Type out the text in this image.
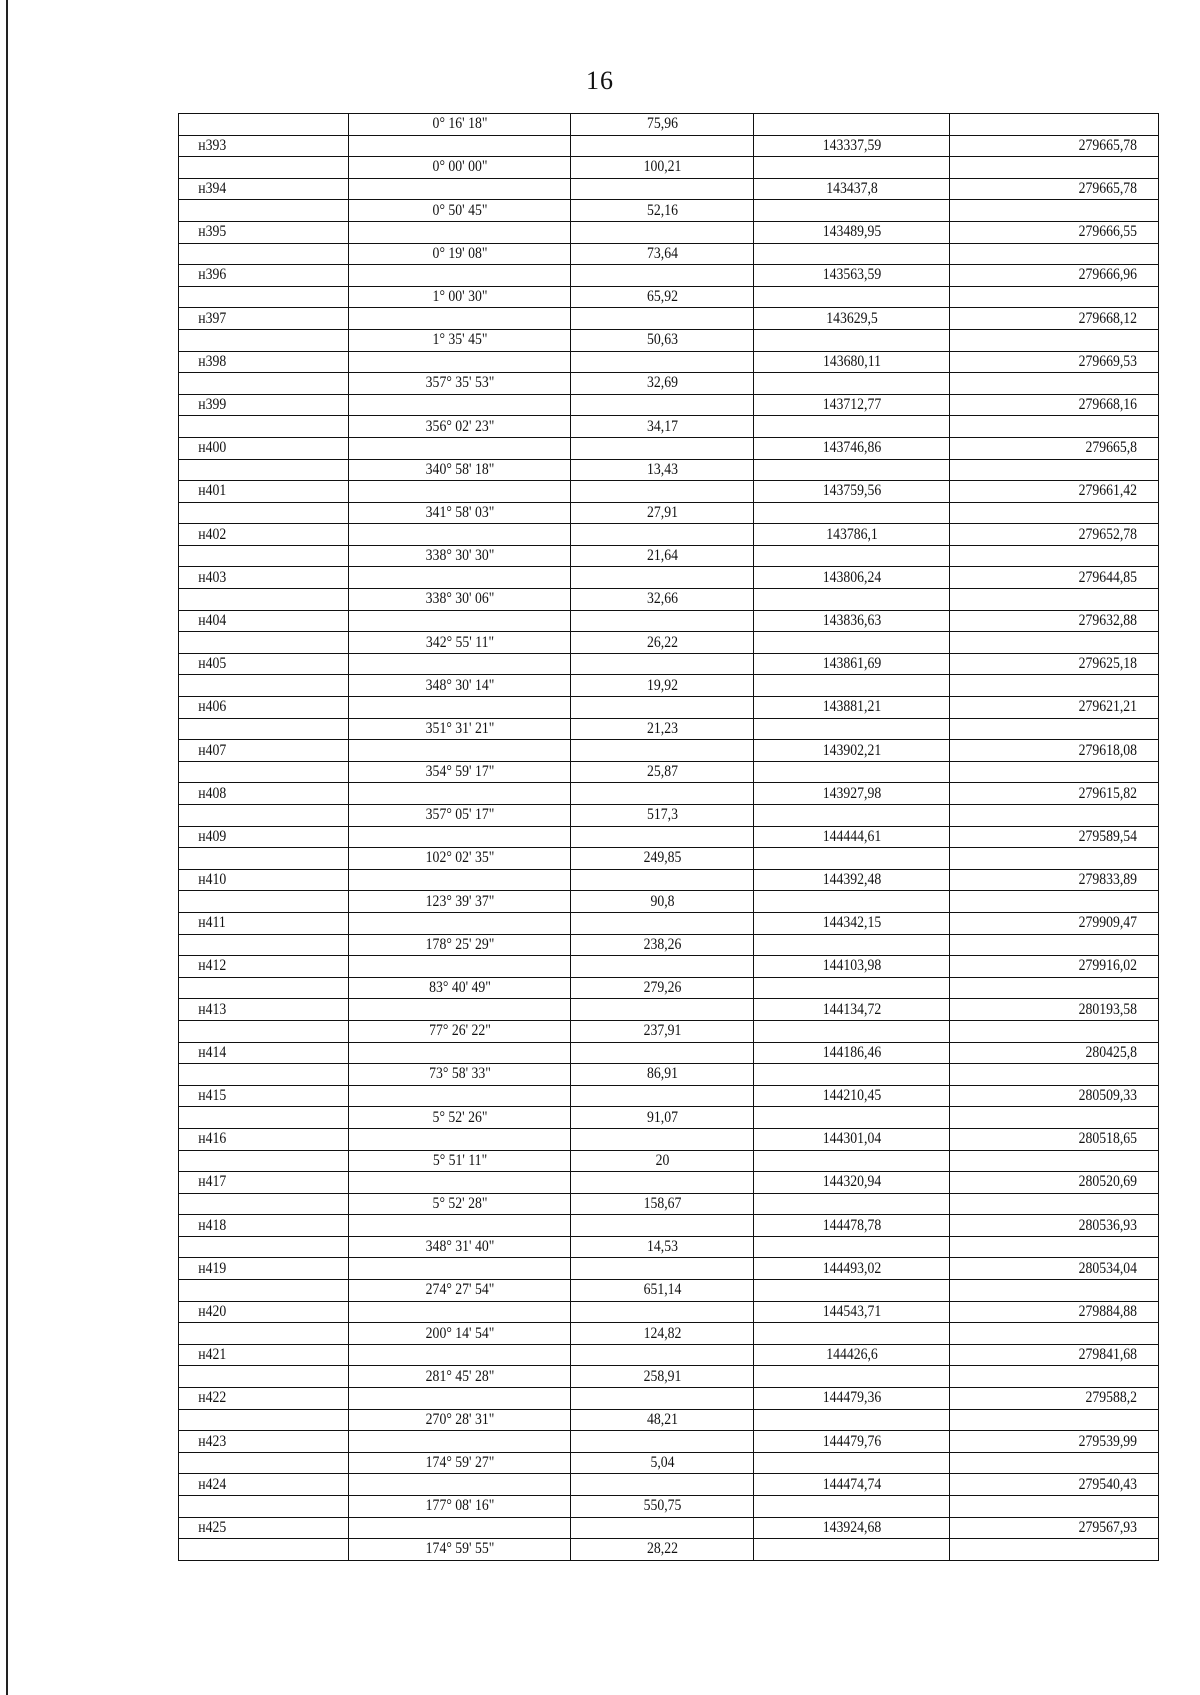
16
	0° 16' 18"	75,96		
н393			143337,59	279665,78
	0° 00' 00"	100,21		
н394			143437,8	279665,78
	0° 50' 45"	52,16		
н395			143489,95	279666,55
	0° 19' 08"	73,64		
н396			143563,59	279666,96
	1° 00' 30"	65,92		
н397			143629,5	279668,12
	1° 35' 45"	50,63		
н398			143680,11	279669,53
	357° 35' 53"	32,69		
н399			143712,77	279668,16
	356° 02' 23"	34,17		
н400			143746,86	279665,8
	340° 58' 18"	13,43		
н401			143759,56	279661,42
	341° 58' 03"	27,91		
н402			143786,1	279652,78
	338° 30' 30"	21,64		
н403			143806,24	279644,85
	338° 30' 06"	32,66		
н404			143836,63	279632,88
	342° 55' 11"	26,22		
н405			143861,69	279625,18
	348° 30' 14"	19,92		
н406			143881,21	279621,21
	351° 31' 21"	21,23		
н407			143902,21	279618,08
	354° 59' 17"	25,87		
н408			143927,98	279615,82
	357° 05' 17"	517,3		
н409			144444,61	279589,54
	102° 02' 35"	249,85		
н410			144392,48	279833,89
	123° 39' 37"	90,8		
н411			144342,15	279909,47
	178° 25' 29"	238,26		
н412			144103,98	279916,02
	83° 40' 49"	279,26		
н413			144134,72	280193,58
	77° 26' 22"	237,91		
н414			144186,46	280425,8
	73° 58' 33"	86,91		
н415			144210,45	280509,33
	5° 52' 26"	91,07		
н416			144301,04	280518,65
	5° 51' 11"	20		
н417			144320,94	280520,69
	5° 52' 28"	158,67		
н418			144478,78	280536,93
	348° 31' 40"	14,53		
н419			144493,02	280534,04
	274° 27' 54"	651,14		
н420			144543,71	279884,88
	200° 14' 54"	124,82		
н421			144426,6	279841,68
	281° 45' 28"	258,91		
н422			144479,36	279588,2
	270° 28' 31"	48,21		
н423			144479,76	279539,99
	174° 59' 27"	5,04		
н424			144474,74	279540,43
	177° 08' 16"	550,75		
н425			143924,68	279567,93
	174° 59' 55"	28,22		
